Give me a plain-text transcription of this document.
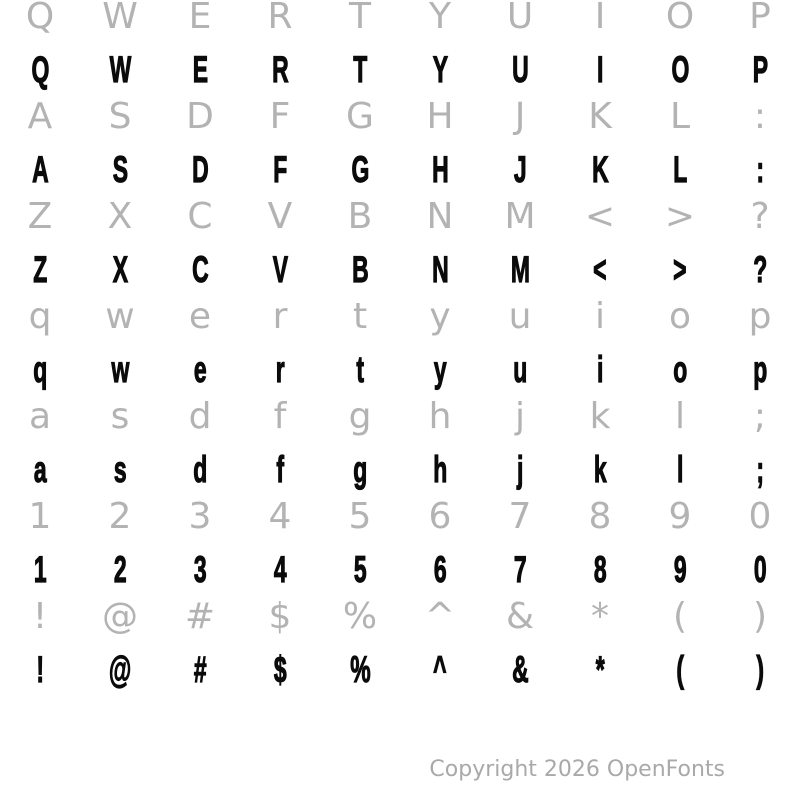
Q
Q
W
W
E
E
R
R
T
T
Y
Y
U
U
I
I
O
O
P
P
A
A
S
S
D
D
F
F
G
G
H
H
J
J
K
K
L
L
:
:
Z
Z
X
X
C
C
V
V
B
B
N
N
M
M
<
<
>
>
?
?
q
q
w
w
e
e
r
r
t
t
y
y
u
u
i
i
o
o
p
p
a
a
s
s
d
d
f
f
g
g
h
h
j
j
k
k
l
l
;
;
1
1
2
2
3
3
4
4
5
5
6
6
7
7
8
8
9
9
0
0
!
!
@
@
#
#
$
$
%
%
^
^
&
&
*
*
(
(
)
)
Copyright 2026 OpenFonts
